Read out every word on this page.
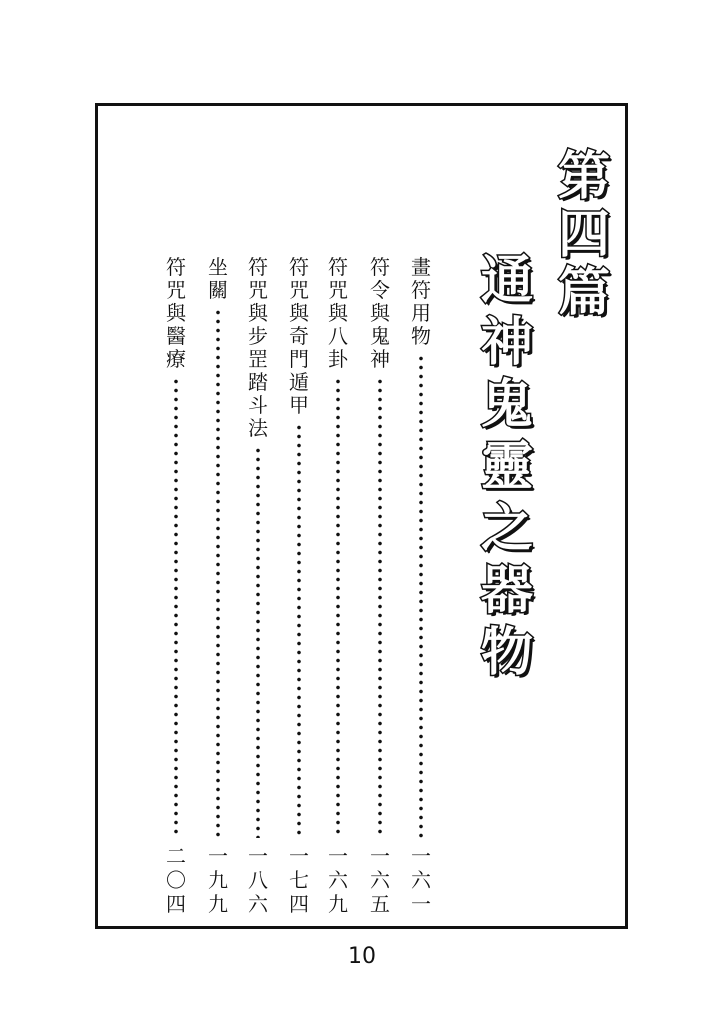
第
四
篇
通
神
鬼
靈
之
器
物
畫
符
用
物
一
六
一
符
令
與
鬼
神
一
六
五
符
咒
與
八
卦
一
六
九
符
咒
與
奇
門
遁
甲
一
七
四
符
咒
與
步
罡
踏
斗
法
一
八
六
坐
關
一
九
九
符
咒
與
醫
療
二
〇
四
10
